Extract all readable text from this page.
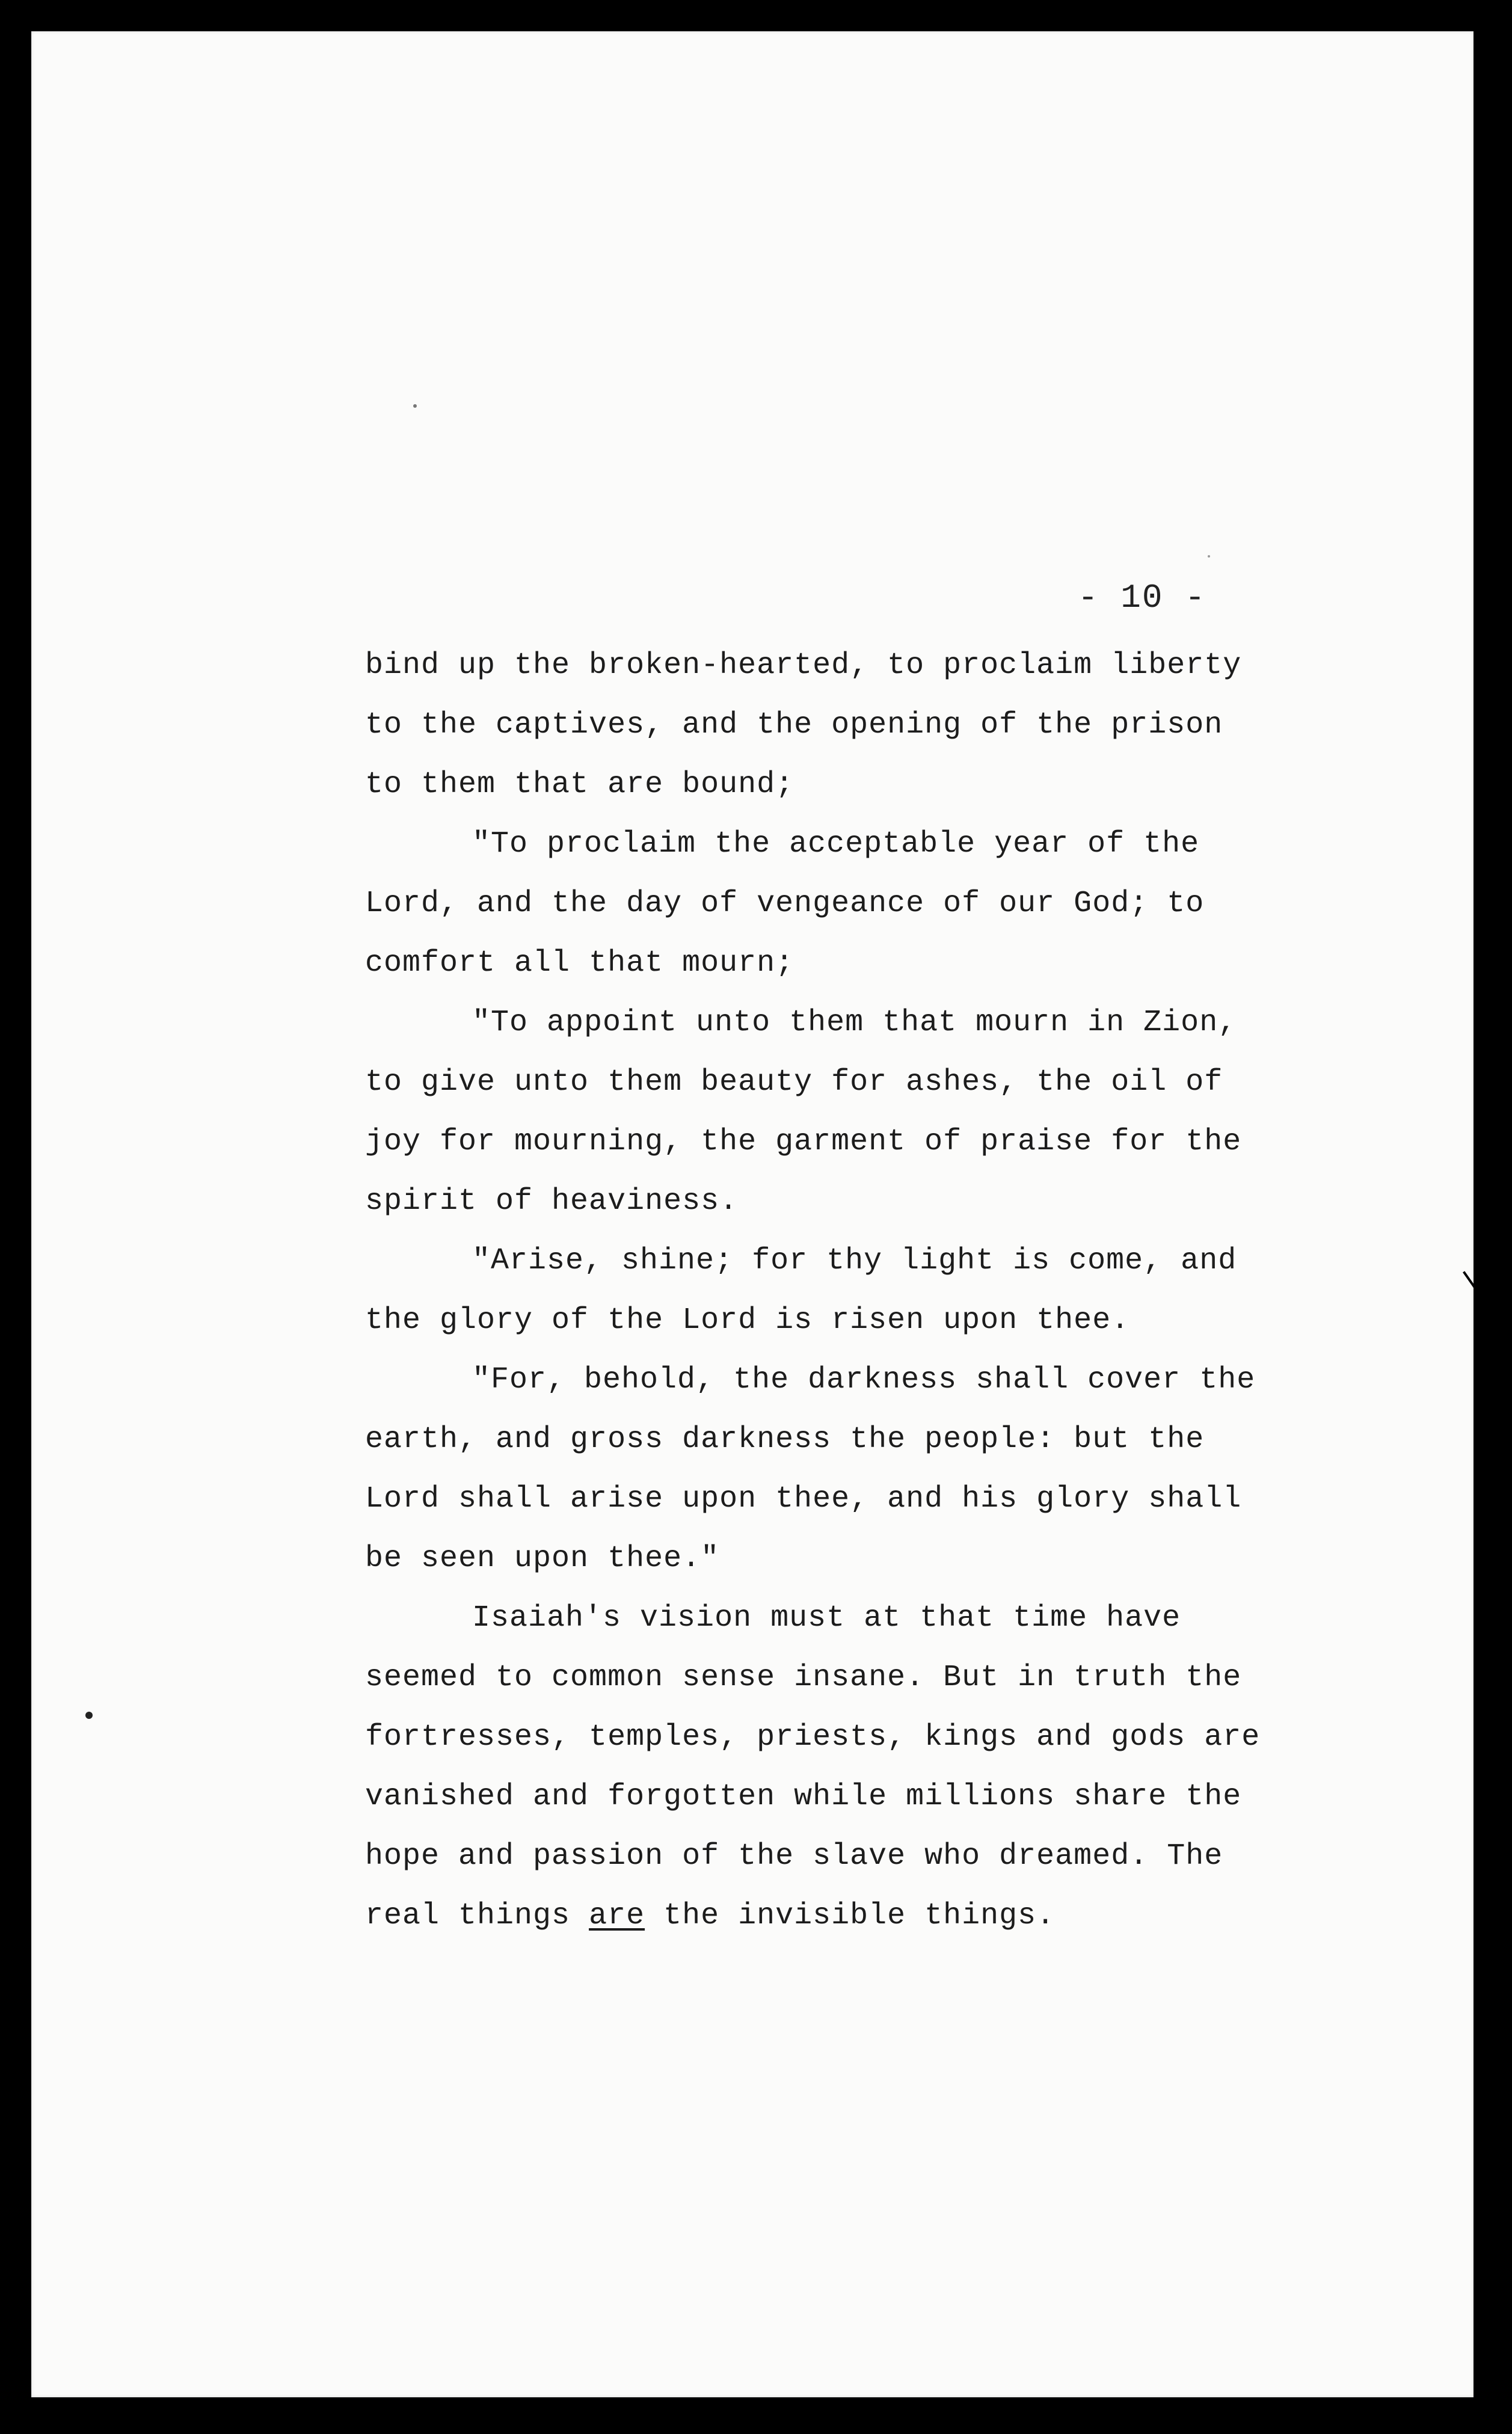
- 10 -
bind up the broken-hearted, to proclaim liberty
to the captives, and the opening of the prison
to them that are bound;
"To proclaim the acceptable year of the
Lord, and the day of vengeance of our God; to
comfort all that mourn;
"To appoint unto them that mourn in Zion,
to give unto them beauty for ashes, the oil of
joy for mourning, the garment of praise for the
spirit of heaviness.
"Arise, shine; for thy light is come, and
the glory of the Lord is risen upon thee.
"For, behold, the darkness shall cover the
earth, and gross darkness the people: but the
Lord shall arise upon thee, and his glory shall
be seen upon thee."
Isaiah's vision must at that time have
seemed to common sense insane. But in truth the
fortresses, temples, priests, kings and gods are
vanished and forgotten while millions share the
hope and passion of the slave who dreamed. The
real things are the invisible things.
